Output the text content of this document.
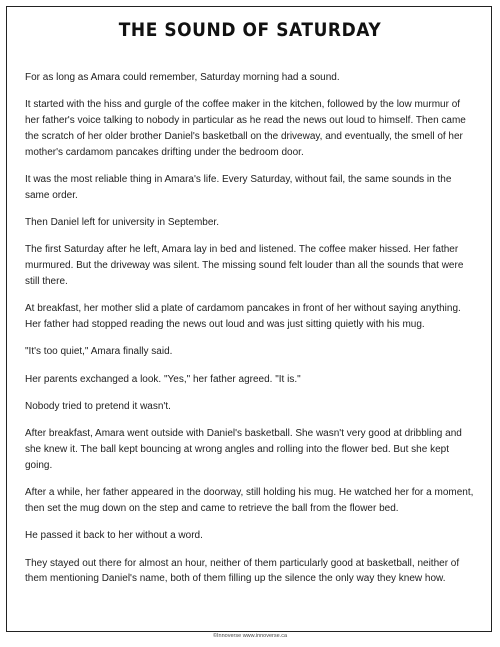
THE SOUND OF SATURDAY

For as long as Amara could remember, Saturday morning had a sound.

It started with the hiss and gurgle of the coffee maker in the kitchen, followed by the low murmur of her father's voice talking to nobody in particular as he read the news out loud to himself. Then came the scratch of her older brother Daniel's basketball on the driveway, and eventually, the smell of her mother's cardamom pancakes drifting under the bedroom door.

It was the most reliable thing in Amara's life. Every Saturday, without fail, the same sounds in the same order.

Then Daniel left for university in September.

The first Saturday after he left, Amara lay in bed and listened. The coffee maker hissed. Her father murmured. But the driveway was silent. The missing sound felt louder than all the sounds that were still there.

At breakfast, her mother slid a plate of cardamom pancakes in front of her without saying anything. Her father had stopped reading the news out loud and was just sitting quietly with his mug.

"It's too quiet," Amara finally said.

Her parents exchanged a look. "Yes," her father agreed. "It is."

Nobody tried to pretend it wasn't.

After breakfast, Amara went outside with Daniel's basketball. She wasn't very good at dribbling and she knew it. The ball kept bouncing at wrong angles and rolling into the flower bed. But she kept going.

After a while, her father appeared in the doorway, still holding his mug. He watched her for a moment, then set the mug down on the step and came to retrieve the ball from the flower bed.

He passed it back to her without a word.

They stayed out there for almost an hour, neither of them particularly good at basketball, neither of them mentioning Daniel's name, both of them filling up the silence the only way they knew how.

©Innoverse www.innoverse.ca
